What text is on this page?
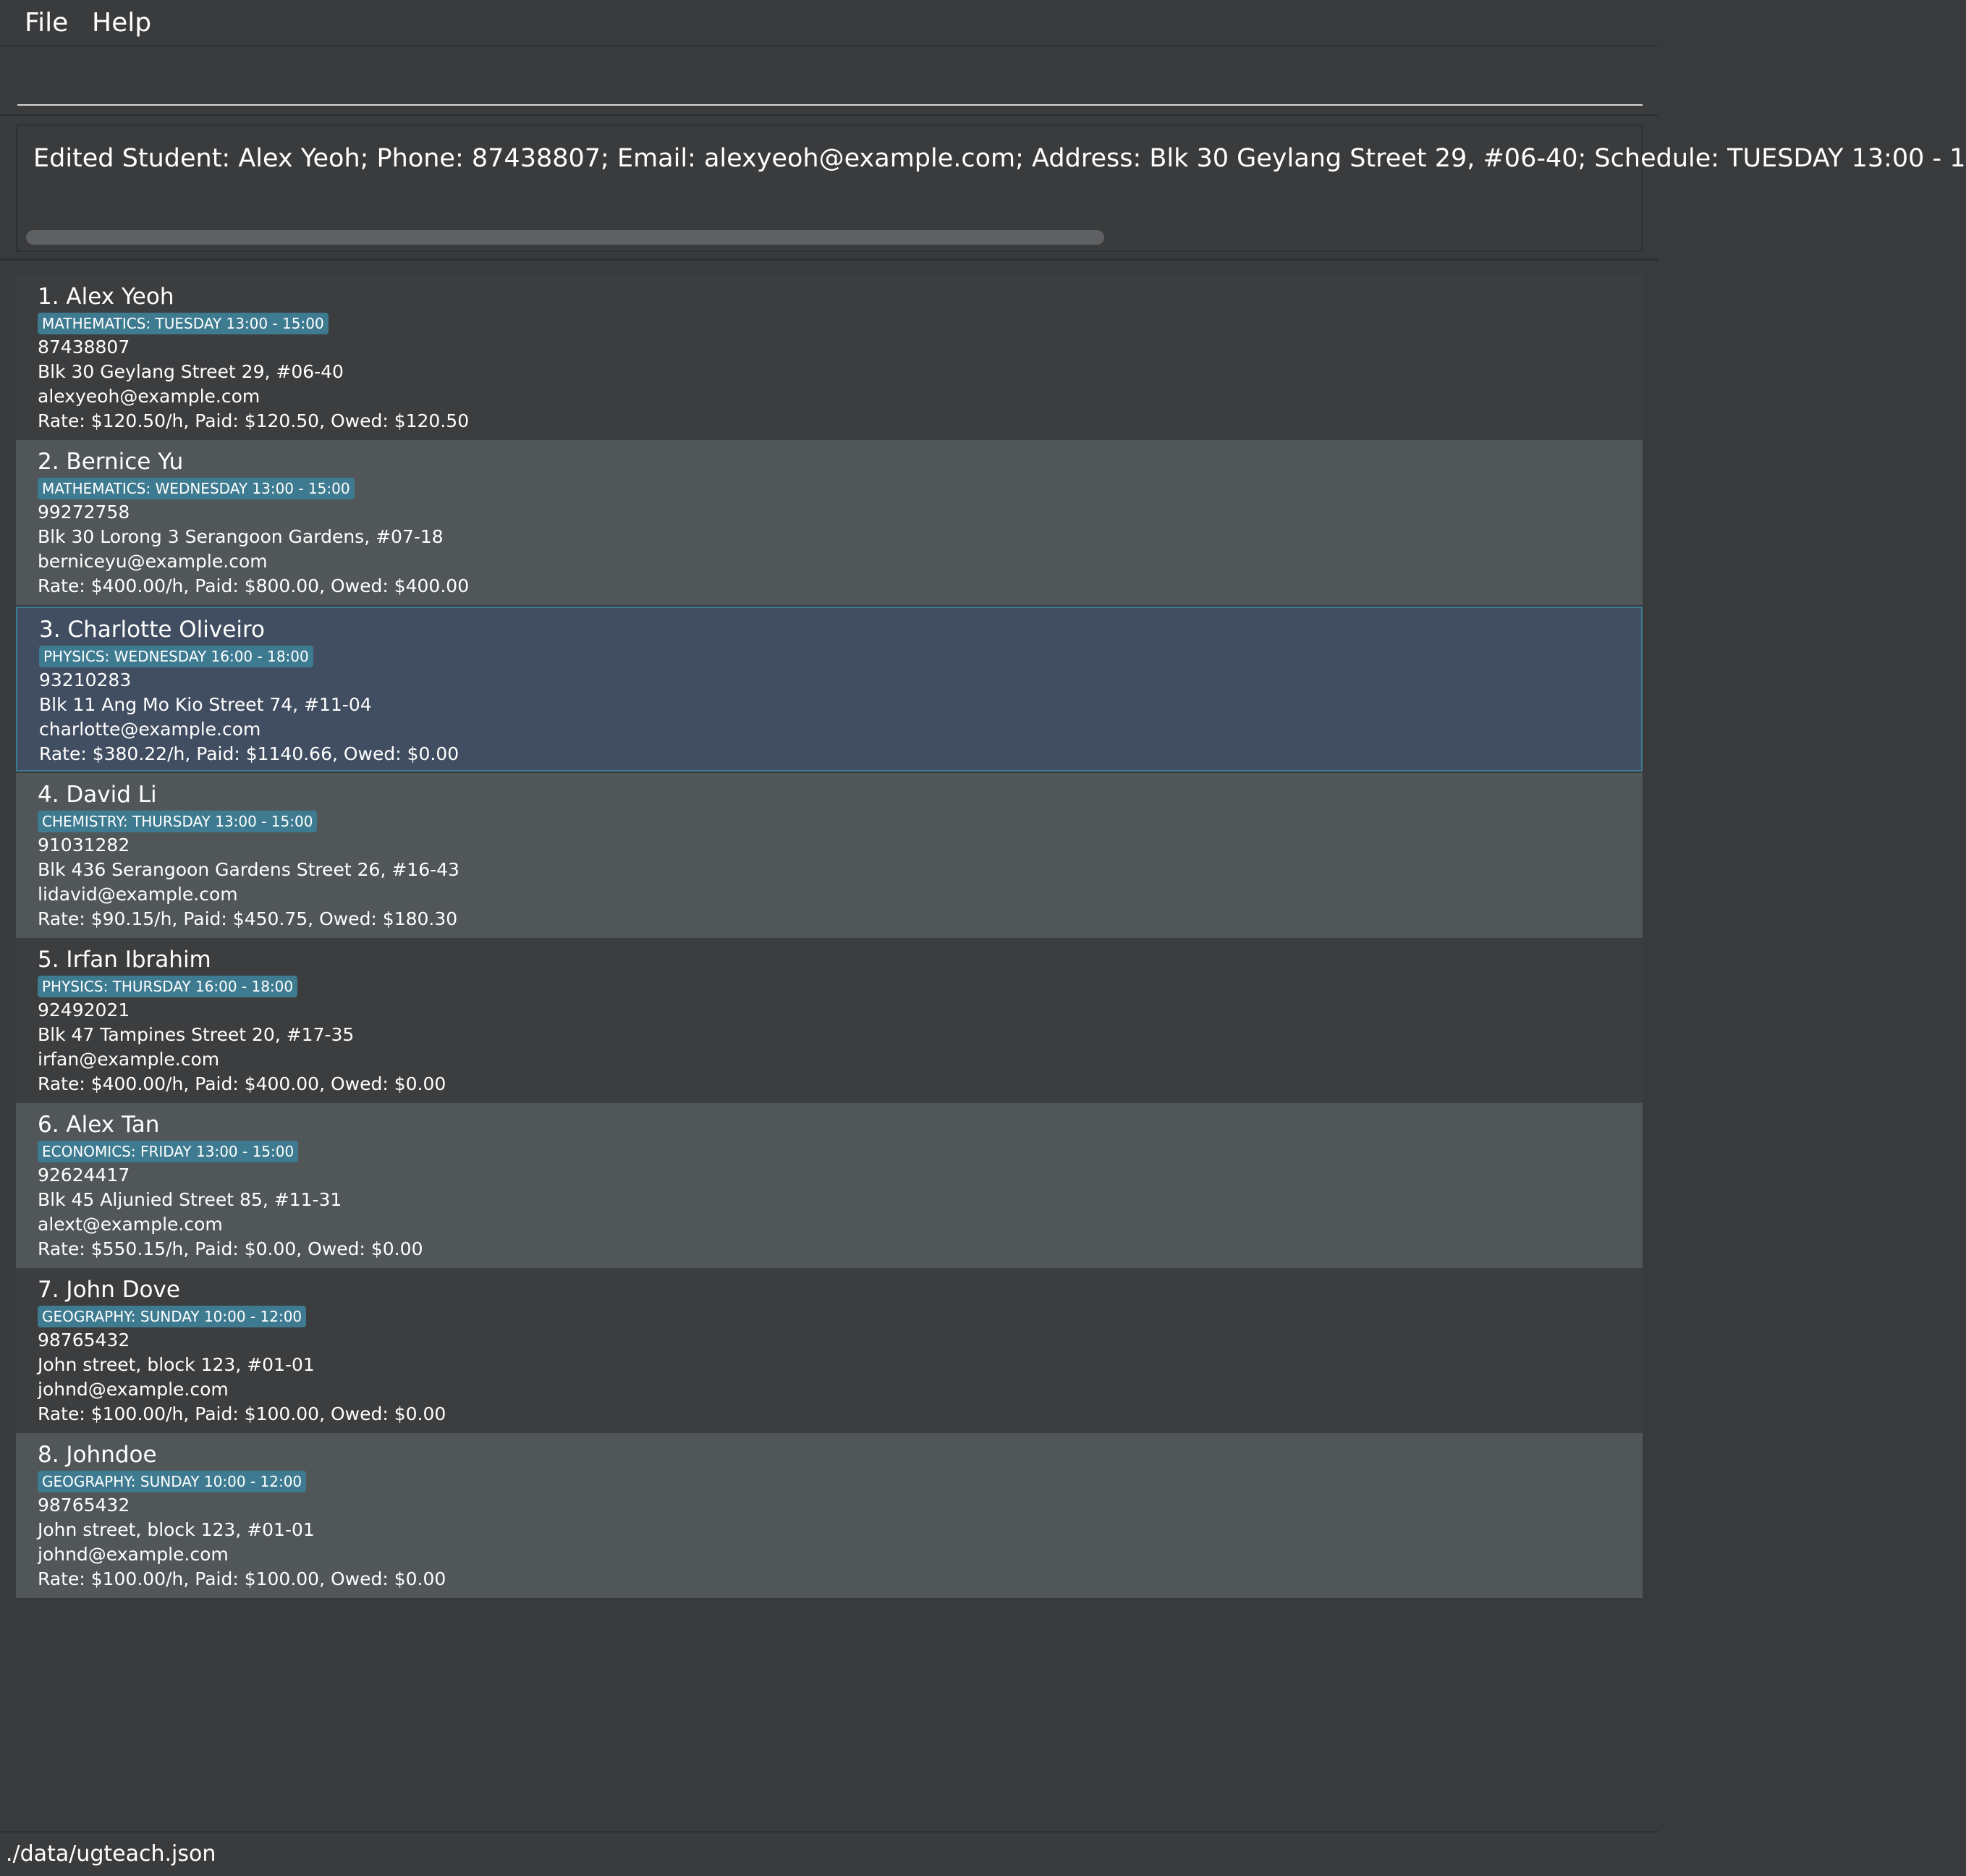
File Help
Edited Student: Alex Yeoh; Phone: 87438807; Email: alexyeoh@example.com; Address: Blk 30 Geylang Street 29, #06-40; Schedule: TUESDAY 13:00 - 1
1. Alex Yeoh
MATHEMATICS: TUESDAY 13:00 - 15:00
87438807
Blk 30 Geylang Street 29, #06-40
alexyeoh@example.com
Rate: $120.50/h, Paid: $120.50, Owed: $120.50
2. Bernice Yu
MATHEMATICS: WEDNESDAY 13:00 - 15:00
99272758
Blk 30 Lorong 3 Serangoon Gardens, #07-18
berniceyu@example.com
Rate: $400.00/h, Paid: $800.00, Owed: $400.00
3. Charlotte Oliveiro
PHYSICS: WEDNESDAY 16:00 - 18:00
93210283
Blk 11 Ang Mo Kio Street 74, #11-04
charlotte@example.com
Rate: $380.22/h, Paid: $1140.66, Owed: $0.00
4. David Li
CHEMISTRY: THURSDAY 13:00 - 15:00
91031282
Blk 436 Serangoon Gardens Street 26, #16-43
lidavid@example.com
Rate: $90.15/h, Paid: $450.75, Owed: $180.30
5. Irfan Ibrahim
PHYSICS: THURSDAY 16:00 - 18:00
92492021
Blk 47 Tampines Street 20, #17-35
irfan@example.com
Rate: $400.00/h, Paid: $400.00, Owed: $0.00
6. Alex Tan
ECONOMICS: FRIDAY 13:00 - 15:00
92624417
Blk 45 Aljunied Street 85, #11-31
alext@example.com
Rate: $550.15/h, Paid: $0.00, Owed: $0.00
7. John Dove
GEOGRAPHY: SUNDAY 10:00 - 12:00
98765432
John street, block 123, #01-01
johnd@example.com
Rate: $100.00/h, Paid: $100.00, Owed: $0.00
8. Johndoe
GEOGRAPHY: SUNDAY 10:00 - 12:00
98765432
John street, block 123, #01-01
johnd@example.com
Rate: $100.00/h, Paid: $100.00, Owed: $0.00
./data/ugteach.json
